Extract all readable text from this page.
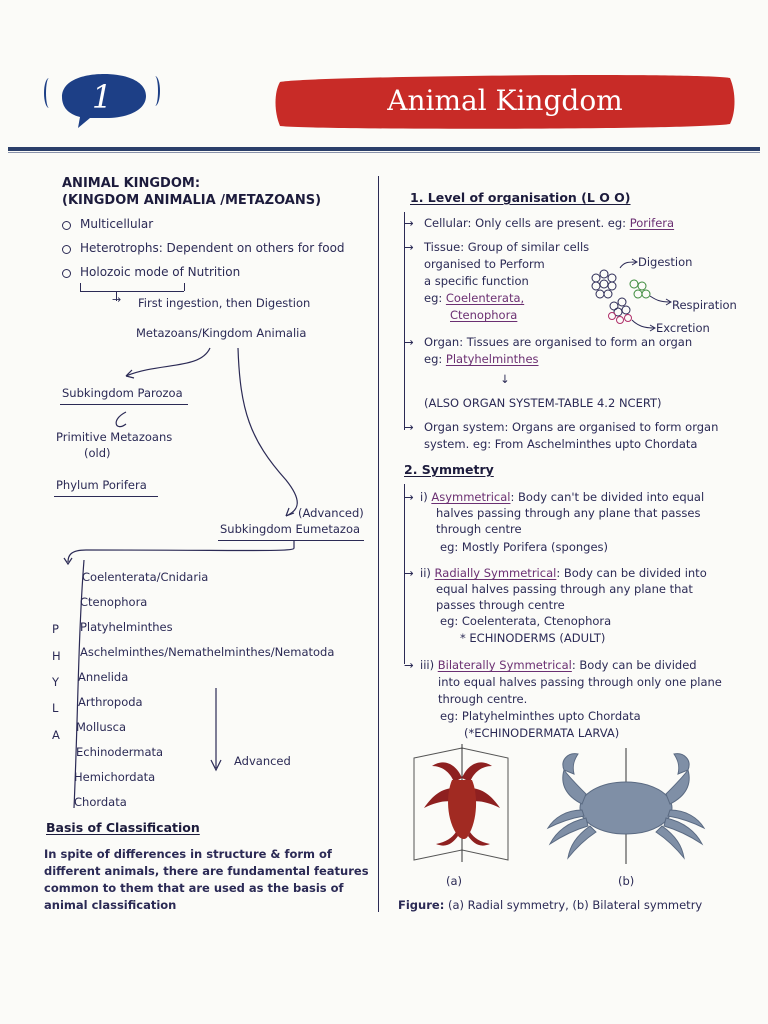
1	Animal Kingdom
ANIMAL KINGDOM:
(KINGDOM ANIMALIA /METAZOANS)
Multicellular
Heterotrophs: Dependent on others for food
Holozoic mode of Nutrition
→ First ingestion, then Digestion
Metazoans/Kingdom Animalia
Subkingdom Parozoa
Primitive Metazoans
(old)
Phylum Porifera
(Advanced)
Subkingdom Eumetazoa
P
H
Y
L
A
Coelenterata/Cnidaria
Ctenophora
Platyhelminthes
Aschelminthes/Nemathelminthes/Nematoda
Annelida
Arthropoda
Mollusca
Echinodermata
Hemichordata
Chordata
Advanced
Basis of Classification
In spite of differences in structure & form of different animals, there are fundamental features common to them that are used as the basis of animal classification
1. Level of organisation (L O O)
→ Cellular: Only cells are present. eg: Porifera
→ Tissue: Group of similar cells
organised to Perform
a specific function
eg: Coelenterata,
Ctenophora
Digestion
Respiration
Excretion
→ Organ: Tissues are organised to form an organ
eg: Platyhelminthes
↓
(ALSO ORGAN SYSTEM-TABLE 4.2 NCERT)
→ Organ system: Organs are organised to form organ
system. eg: From Aschelminthes upto Chordata
2. Symmetry
→ i) Asymmetrical: Body can't be divided into equal
halves passing through any plane that passes
through centre
eg: Mostly Porifera (sponges)
→ ii) Radially Symmetrical: Body can be divided into
equal halves passing through any plane that
passes through centre
eg: Coelenterata, Ctenophora
* ECHINODERMS (ADULT)
→ iii) Bilaterally Symmetrical: Body can be divided
into equal halves passing through only one plane
through centre.
eg: Platyhelminthes upto Chordata
(*ECHINODERMATA LARVA)
(a)	(b)
Figure: (a) Radial symmetry, (b) Bilateral symmetry
